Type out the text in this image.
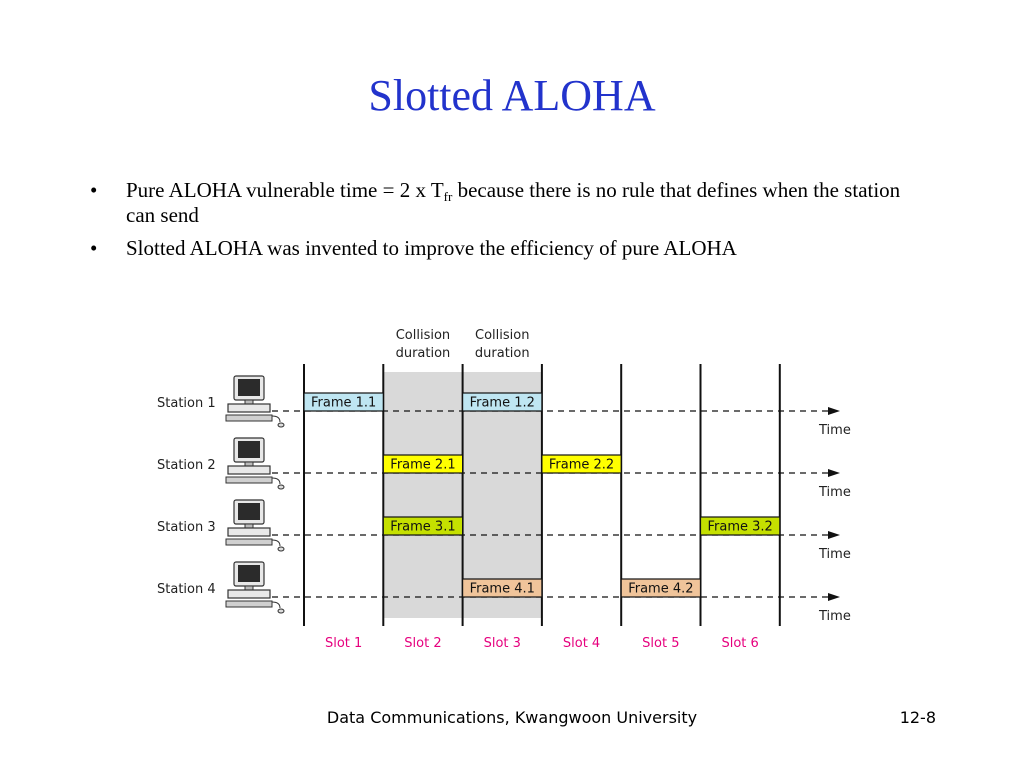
Slotted ALOHA
• Pure ALOHA vulnerable time = 2 x $T_{fr}$ because there is no rule that defines when the station can send
• Slotted ALOHA was invented to improve the efficiency of pure ALOHA
Collision
duration
Collision
duration
Station 1
Time
Station 2
Time
Station 3
Time
Station 4
Time
Frame 1.1	Frame 1.2
Frame 2.1	Frame 2.2
Frame 3.1	Frame 3.2
Frame 4.1	Frame 4.2
Slot 1	Slot 2	Slot 3	Slot 4	Slot 5	Slot 6
Data Communications, Kwangwoon University	12-8
